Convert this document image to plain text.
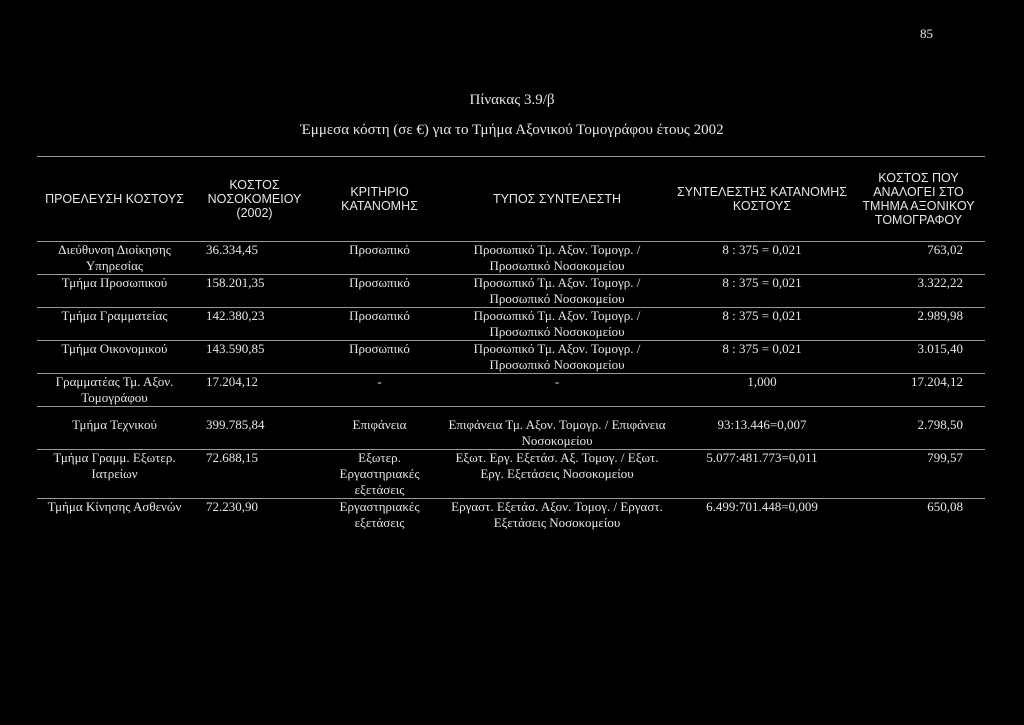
85
Πίνακας 3.9/β
Έμμεσα κόστη (σε €) για το Τμήμα Αξονικού Τομογράφου έτους 2002
ΠΡΟΕΛΕΥΣΗ ΚΟΣΤΟΥΣ	ΚΟΣΤΟΣ ΝΟΣΟΚΟΜΕΙΟΥ (2002)	ΚΡΙΤΗΡΙΟ ΚΑΤΑΝΟΜΗΣ	ΤΥΠΟΣ ΣΥΝΤΕΛΕΣΤΗ	ΣΥΝΤΕΛΕΣΤΗΣ ΚΑΤΑΝΟΜΗΣ ΚΟΣΤΟΥΣ	ΚΟΣΤΟΣ ΠΟΥ ΑΝΑΛΟΓΕΙ ΣΤΟ ΤΜΗΜΑ ΑΞΟΝΙΚΟΥ ΤΟΜΟΓΡΑΦΟΥ
Διεύθυνση Διοίκησης Υπηρεσίας	36.334,45	Προσωπικό	Προσωπικό Τμ. Αξον. Τομογρ. / Προσωπικό Νοσοκομείου	8 : 375 = 0,021	763,02
Τμήμα Προσωπικού	158.201,35	Προσωπικό	Προσωπικό Τμ. Αξον. Τομογρ. / Προσωπικό Νοσοκομείου	8 : 375 = 0,021	3.322,22
Τμήμα Γραμματείας	142.380,23	Προσωπικό	Προσωπικό Τμ. Αξον. Τομογρ. / Προσωπικό Νοσοκομείου	8 : 375 = 0,021	2.989,98
Τμήμα Οικονομικού	143.590,85	Προσωπικό	Προσωπικό Τμ. Αξον. Τομογρ. / Προσωπικό Νοσοκομείου	8 : 375 = 0,021	3.015,40
Γραμματέας Τμ. Αξον. Τομογράφου	17.204,12	-	-	1,000	17.204,12
Τμήμα Τεχνικού	399.785,84	Επιφάνεια	Επιφάνεια Τμ. Αξον. Τομογρ. / Επιφάνεια Νοσοκομείου	93:13.446=0,007	2.798,50
Τμήμα Γραμμ. Εξωτερ. Ιατρείων	72.688,15	Εξωτερ. Εργαστηριακές εξετάσεις	Εξωτ. Εργ. Εξετάσ. Αξ. Τομογ. / Εξωτ. Εργ. Εξετάσεις Νοσοκομείου	5.077:481.773=0,011	799,57
Τμήμα Κίνησης Ασθενών	72.230,90	Εργαστηριακές εξετάσεις	Εργαστ. Εξετάσ. Αξον. Τομογ. / Εργαστ. Εξετάσεις Νοσοκομείου	6.499:701.448=0,009	650,08
